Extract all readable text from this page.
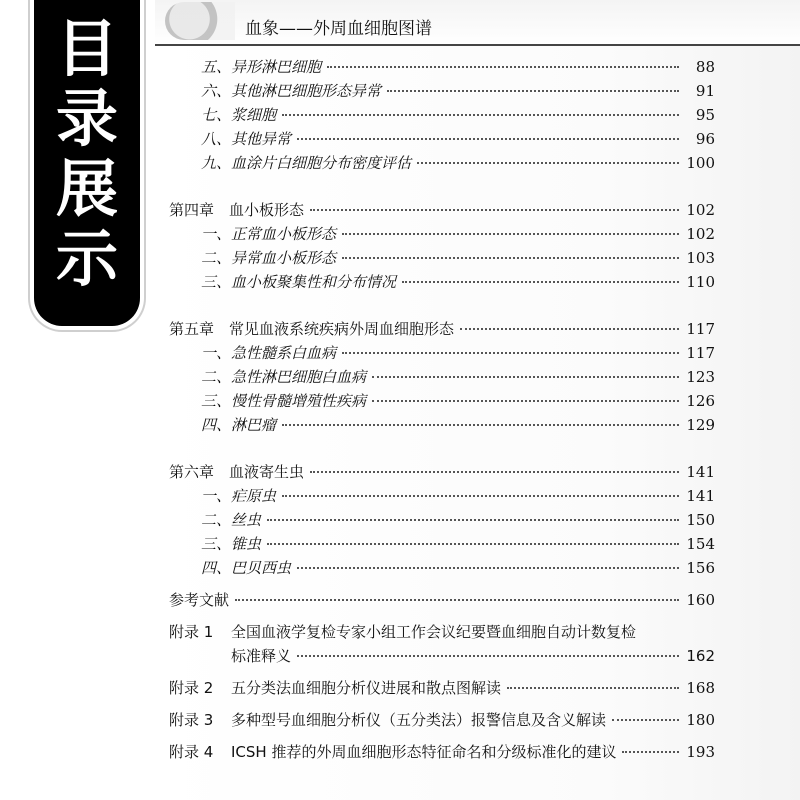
目
录
展
示
血象——外周血细胞图谱
五、异形淋巴细胞	88
六、其他淋巴细胞形态异常	91
七、浆细胞	95
八、其他异常	96
九、血涂片白细胞分布密度评估	100
第四章　血小板形态	102
一、正常血小板形态	102
二、异常血小板形态	103
三、血小板聚集性和分布情况	110
第五章　常见血液系统疾病外周血细胞形态	117
一、急性髓系白血病	117
二、急性淋巴细胞白血病	123
三、慢性骨髓增殖性疾病	126
四、淋巴瘤	129
第六章　血液寄生虫	141
一、疟原虫	141
二、丝虫	150
三、锥虫	154
四、巴贝西虫	156
参考文献	160
附录 1 全国血液学复检专家小组工作会议纪要暨血细胞自动计数复检
标准释义	162
附录 2	五分类法血细胞分析仪进展和散点图解读	168
附录 3	多种型号血细胞分析仪（五分类法）报警信息及含义解读	180
附录 4	ICSH 推荐的外周血细胞形态特征命名和分级标准化的建议	193
